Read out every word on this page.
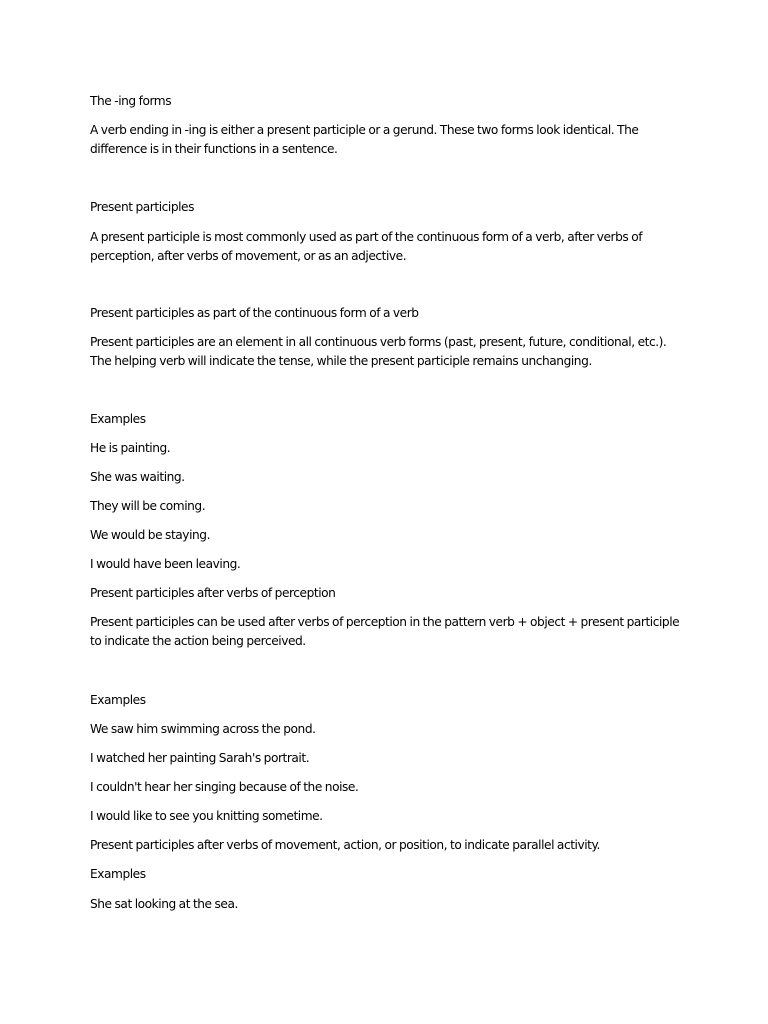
The -ing forms
A verb ending in -ing is either a present participle or a gerund. These two forms look identical. The difference is in their functions in a sentence.
Present participles
A present participle is most commonly used as part of the continuous form of a verb, after verbs of perception, after verbs of movement, or as an adjective.
Present participles as part of the continuous form of a verb
Present participles are an element in all continuous verb forms (past, present, future, conditional, etc.). The helping verb will indicate the tense, while the present participle remains unchanging.
Examples
He is painting.
She was waiting.
They will be coming.
We would be staying.
I would have been leaving.
Present participles after verbs of perception
Present participles can be used after verbs of perception in the pattern verb + object + present participle to indicate the action being perceived.
Examples
We saw him swimming across the pond.
I watched her painting Sarah's portrait.
I couldn't hear her singing because of the noise.
I would like to see you knitting sometime.
Present participles after verbs of movement, action, or position, to indicate parallel activity.
Examples
She sat looking at the sea.
